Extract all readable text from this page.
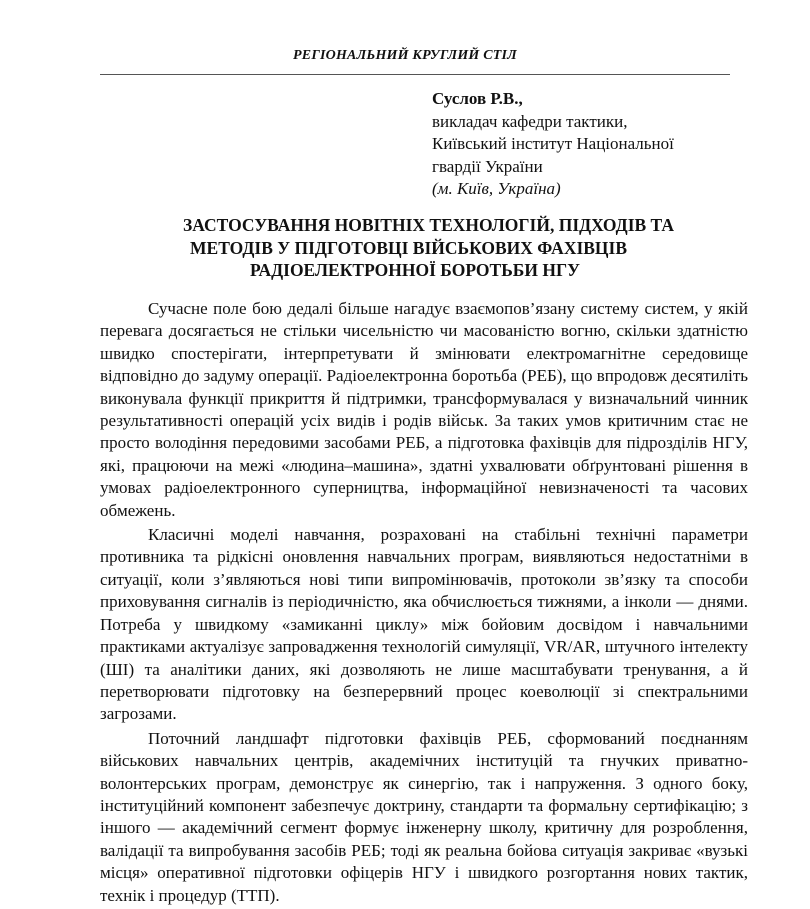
РЕГІОНАЛЬНИЙ КРУГЛИЙ СТІЛ
Суслов Р.В.,
викладач кафедри тактики,
Київський інститут Національної
гвардії України
(м. Київ, Україна)
ЗАСТОСУВАННЯ НОВІТНІХ ТЕХНОЛОГІЙ, ПІДХОДІВ ТА
МЕТОДІВ У ПІДГОТОВЦІ ВІЙСЬКОВИХ ФАХІВЦІВ
РАДІОЕЛЕКТРОННОЇ БОРОТЬБИ НГУ

Сучасне поле бою дедалі більше нагадує взаємопов’язану систему систем, у якій перевага досягається не стільки чисельністю чи масованістю вогню, скільки здатністю швидко спостерігати, інтерпретувати й змінювати електромагнітне середовище відповідно до задуму операції. Радіоелектронна боротьба (РЕБ), що впродовж десятиліть виконувала функції прикриття й підтримки, трансформувалася у визначальний чинник результативності операцій усіх видів і родів військ. За таких умов критичним стає не просто володіння передовими засобами РЕБ, а підготовка фахівців для підрозділів НГУ, які, працюючи на межі «людина–машина», здатні ухвалювати обґрунтовані рішення в умовах радіоелектронного суперництва, інформаційної невизначеності та часових обмежень.

Класичні моделі навчання, розраховані на стабільні технічні параметри противника та рідкісні оновлення навчальних програм, виявляються недостатніми в ситуації, коли з’являються нові типи випромінювачів, протоколи зв’язку та способи приховування сигналів із періодичністю, яка обчислюється тижнями, а інколи — днями. Потреба у швидкому «замиканні циклу» між бойовим досвідом і навчальними практиками актуалізує запровадження технологій симуляції, VR/AR, штучного інтелекту (ШІ) та аналітики даних, які дозволяють не лише масштабувати тренування, а й перетворювати підготовку на безперервний процес коеволюції зі спектральними загрозами.

Поточний ландшафт підготовки фахівців РЕБ, сформований поєднанням військових навчальних центрів, академічних інституцій та гнучких приватно-волонтерських програм, демонструє як синергію, так і напруження. З одного боку, інституційний компонент забезпечує доктрину, стандарти та формальну сертифікацію; з іншого — академічний сегмент формує інженерну школу, критичну для розроблення, валідації та випробування засобів РЕБ; тоді як реальна бойова ситуація закриває «вузькі місця» оперативної підготовки офіцерів НГУ і швидкого розгортання нових тактик, технік і процедур (ТТП).
